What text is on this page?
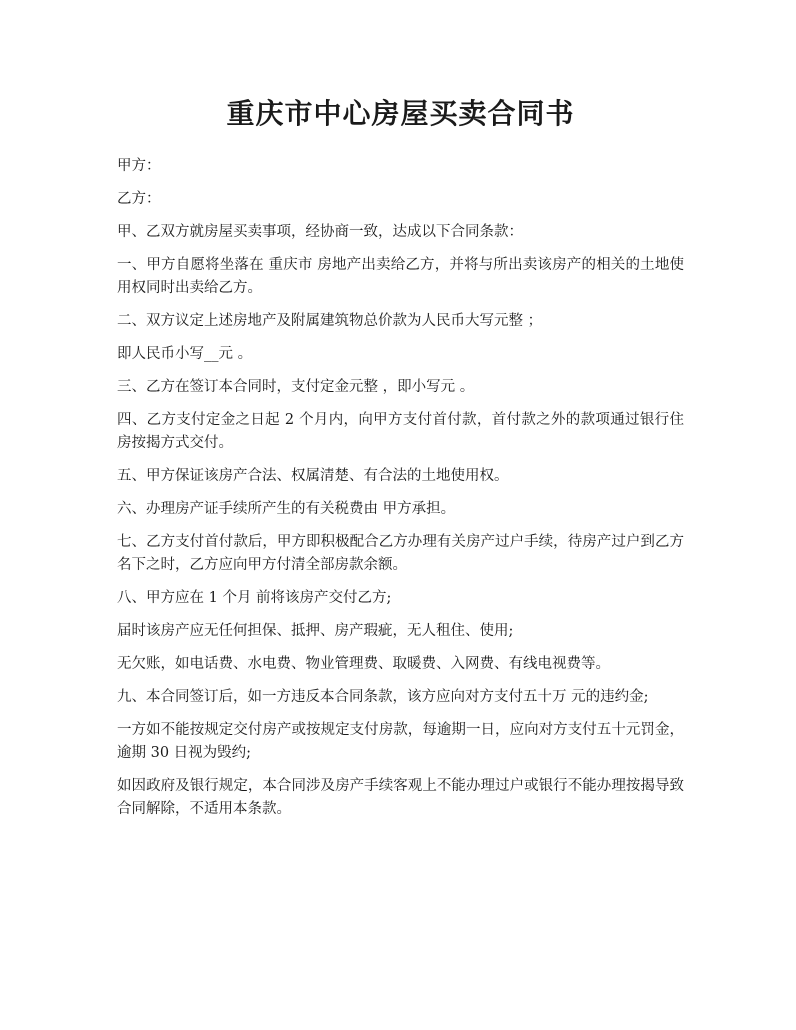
重庆市中心房屋买卖合同书

甲方：

乙方：

甲、乙双方就房屋买卖事项，经协商一致，达成以下合同条款：

一、甲方自愿将坐落在 重庆市 房地产出卖给乙方，并将与所出卖该房产的相关的土地使用权同时出卖给乙方。

二、双方议定上述房地产及附属建筑物总价款为人民币大写元整 ；

即人民币小写__元 。

三、乙方在签订本合同时，支付定金元整 ，即小写元 。

四、乙方支付定金之日起 2 个月内，向甲方支付首付款，首付款之外的款项通过银行住房按揭方式交付。

五、甲方保证该房产合法、权属清楚、有合法的土地使用权。

六、办理房产证手续所产生的有关税费由 甲方承担。

七、乙方支付首付款后，甲方即积极配合乙方办理有关房产过户手续，待房产过户到乙方名下之时，乙方应向甲方付清全部房款余额。

八、甲方应在 1 个月 前将该房产交付乙方;

届时该房产应无任何担保、抵押、房产瑕疵，无人租住、使用;

无欠账，如电话费、水电费、物业管理费、取暖费、入网费、有线电视费等。

九、本合同签订后，如一方违反本合同条款，该方应向对方支付五十万 元的违约金;

一方如不能按规定交付房产或按规定支付房款，每逾期一日，应向对方支付五十元罚金，逾期 30 日视为毁约;

如因政府及银行规定，本合同涉及房产手续客观上不能办理过户或银行不能办理按揭导致合同解除，不适用本条款。
